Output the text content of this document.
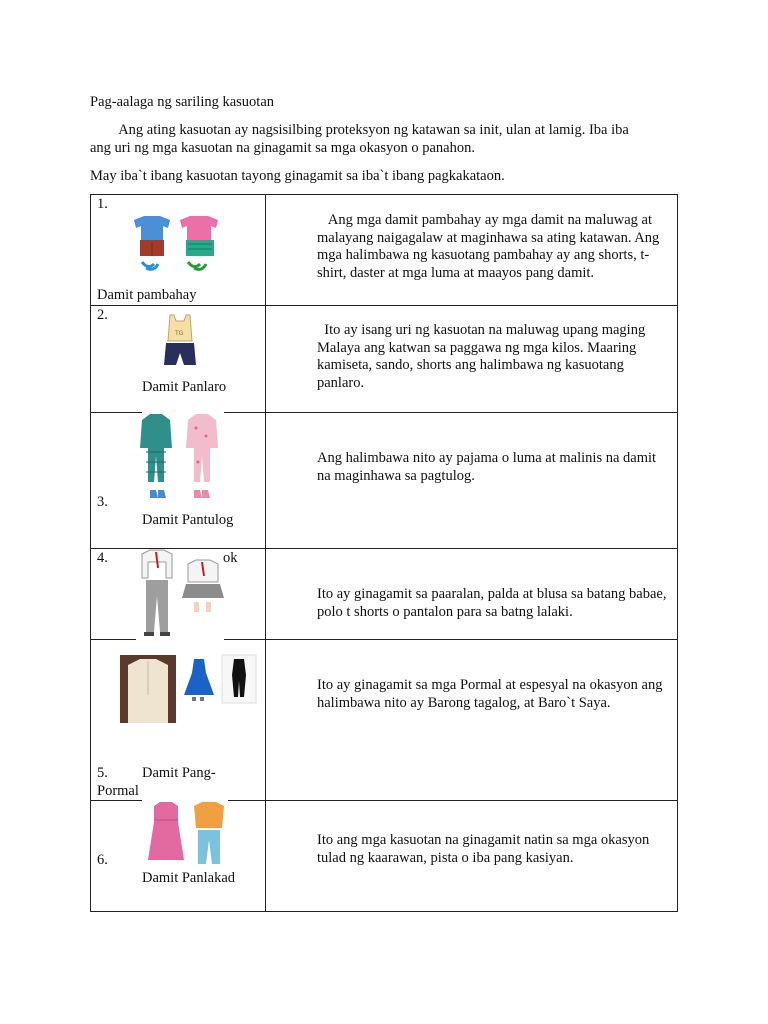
Pag-aalaga ng sariling kasuotan
Ang ating kasuotan ay nagsisilbing proteksyon ng katawan sa init, ulan at lamig. Iba iba
ang uri ng mga kasuotan na ginagamit sa mga okasyon o panahon.
May iba`t ibang kasuotan tayong ginagamit sa iba`t ibang pagkakataon.
1.
Damit pambahay
Ang mga damit pambahay ay mga damit na maluwag at malayang naigagalaw at maginhawa sa ating katawan. Ang mga halimbawa ng kasuotang pambahay ay ang shorts, t-shirt, daster at mga luma at maayos pang damit.
2.
TG
Damit Panlaro
Ito ay isang uri ng kasuotan na maluwag upang maging Malaya ang katwan sa paggawa ng mga kilos. Maaring kamiseta, sando, shorts ang halimbawa ng kasuotang panlaro.
3.
Damit Pantulog
Ang halimbawa nito ay pajama o luma at malinis na damit na maginhawa sa pagtulog.
4.	ok
Ito ay ginagamit sa paaralan, palda at blusa sa batang babae, polo t shorts o pantalon para sa batng lalaki.
5. Damit Pang-
Pormal
Ito ay ginagamit sa mga Pormal at espesyal na okasyon ang halimbawa nito ay Barong tagalog, at Baro`t Saya.
6.
Damit Panlakad
Ito ang mga kasuotan na ginagamit natin sa mga okasyon tulad ng kaarawan, pista o iba pang kasiyan.
